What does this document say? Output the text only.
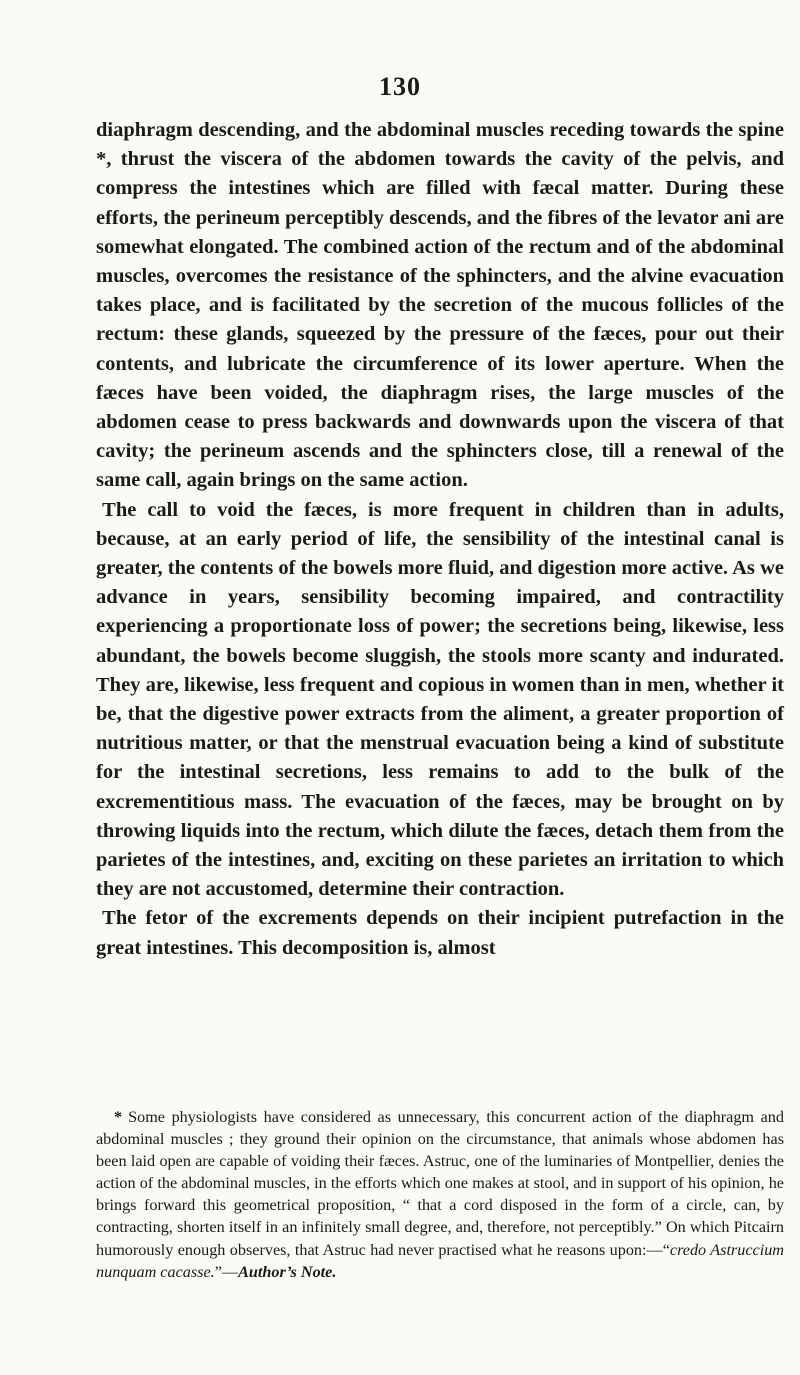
130

diaphragm descending, and the abdominal muscles receding towards the spine *, thrust the viscera of the abdomen towards the cavity of the pelvis, and compress the intestines which are filled with fæcal matter. During these efforts, the perineum perceptibly descends, and the fibres of the levator ani are somewhat elongated. The combined action of the rectum and of the abdominal muscles, overcomes the resistance of the sphincters, and the alvine evacuation takes place, and is facilitated by the secretion of the mucous follicles of the rectum: these glands, squeezed by the pressure of the fæces, pour out their contents, and lubricate the circumference of its lower aperture. When the fæces have been voided, the diaphragm rises, the large muscles of the abdomen cease to press backwards and downwards upon the viscera of that cavity; the perineum ascends and the sphincters close, till a renewal of the same call, again brings on the same action.

The call to void the fæces, is more frequent in children than in adults, because, at an early period of life, the sensibility of the intestinal canal is greater, the contents of the bowels more fluid, and digestion more active. As we advance in years, sensibility becoming impaired, and contractility experiencing a proportionate loss of power; the secretions being, likewise, less abundant, the bowels become sluggish, the stools more scanty and indurated. They are, likewise, less frequent and copious in women than in men, whether it be, that the digestive power extracts from the aliment, a greater proportion of nutritious matter, or that the menstrual evacuation being a kind of substitute for the intestinal secretions, less remains to add to the bulk of the excrementitious mass. The evacuation of the fæces, may be brought on by throwing liquids into the rectum, which dilute the fæces, detach them from the parietes of the intestines, and, exciting on these parietes an irritation to which they are not accustomed, determine their contraction.

The fetor of the excrements depends on their incipient putrefaction in the great intestines. This decomposition is, almost

* Some physiologists have considered as unnecessary, this concurrent action of the diaphragm and abdominal muscles ; they ground their opinion on the circumstance, that animals whose abdomen has been laid open are capable of voiding their fæces. Astruc, one of the luminaries of Montpellier, denies the action of the abdominal muscles, in the efforts which one makes at stool, and in support of his opinion, he brings forward this geometrical proposition, “ that a cord disposed in the form of a circle, can, by contracting, shorten itself in an infinitely small degree, and, therefore, not perceptibly.” On which Pitcairn humorously enough observes, that Astruc had never practised what he reasons upon:—“credo Astruccium nunquam cacasse.”—Author’s Note.
